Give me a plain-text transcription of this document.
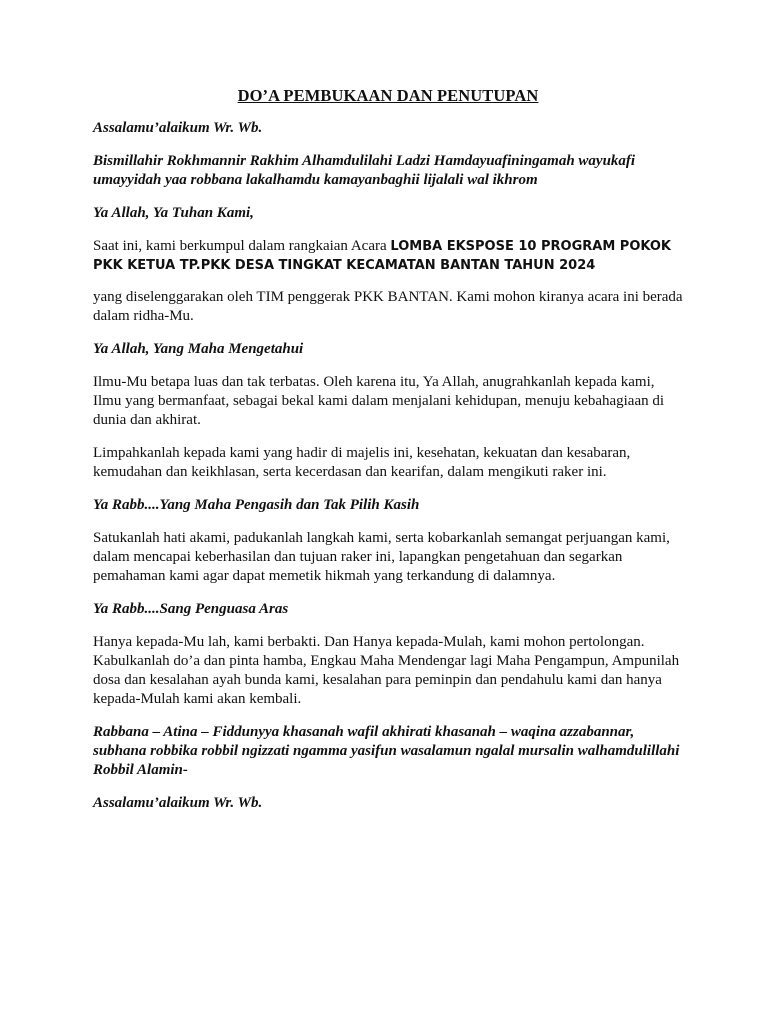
DO’A PEMBUKAAN DAN PENUTUPAN

Assalamu’alaikum Wr. Wb.

Bismillahir Rokhmannir Rakhim Alhamdulilahi Ladzi Hamdayuafiningamah wayukafi umayyidah yaa robbana lakalhamdu kamayanbaghii lijalali wal ikhrom

Ya Allah, Ya Tuhan Kami,

Saat ini, kami berkumpul dalam rangkaian Acara LOMBA EKSPOSE 10 PROGRAM POKOK PKK KETUA TP.PKK DESA TINGKAT KECAMATAN BANTAN TAHUN 2024

yang diselenggarakan oleh TIM penggerak PKK BANTAN. Kami mohon kiranya acara ini berada dalam ridha-Mu.

Ya Allah, Yang Maha Mengetahui

Ilmu-Mu betapa luas dan tak terbatas. Oleh karena itu, Ya Allah, anugrahkanlah kepada kami, Ilmu yang bermanfaat, sebagai bekal kami dalam menjalani kehidupan, menuju kebahagiaan di dunia dan akhirat.

Limpahkanlah kepada kami yang hadir di majelis ini, kesehatan, kekuatan dan kesabaran, kemudahan dan keikhlasan, serta kecerdasan dan kearifan, dalam mengikuti raker ini.

Ya Rabb....Yang Maha Pengasih dan Tak Pilih Kasih

Satukanlah hati akami, padukanlah langkah kami, serta kobarkanlah semangat perjuangan kami, dalam mencapai keberhasilan dan tujuan raker ini, lapangkan pengetahuan dan segarkan pemahaman kami agar dapat memetik hikmah yang terkandung di dalamnya.

Ya Rabb....Sang Penguasa Aras

Hanya kepada-Mu lah, kami berbakti. Dan Hanya kepada-Mulah, kami mohon pertolongan. Kabulkanlah do’a dan pinta hamba, Engkau Maha Mendengar lagi Maha Pengampun, Ampunilah dosa dan kesalahan ayah bunda kami, kesalahan para peminpin dan pendahulu kami dan hanya kepada-Mulah kami akan kembali.

Rabbana – Atina – Fiddunyya khasanah wafil akhirati khasanah – waqina azzabannar, subhana robbika robbil ngizzati ngamma yasifun wasalamun ngalal mursalin walhamdulillahi Robbil Alamin-

Assalamu’alaikum Wr. Wb.
